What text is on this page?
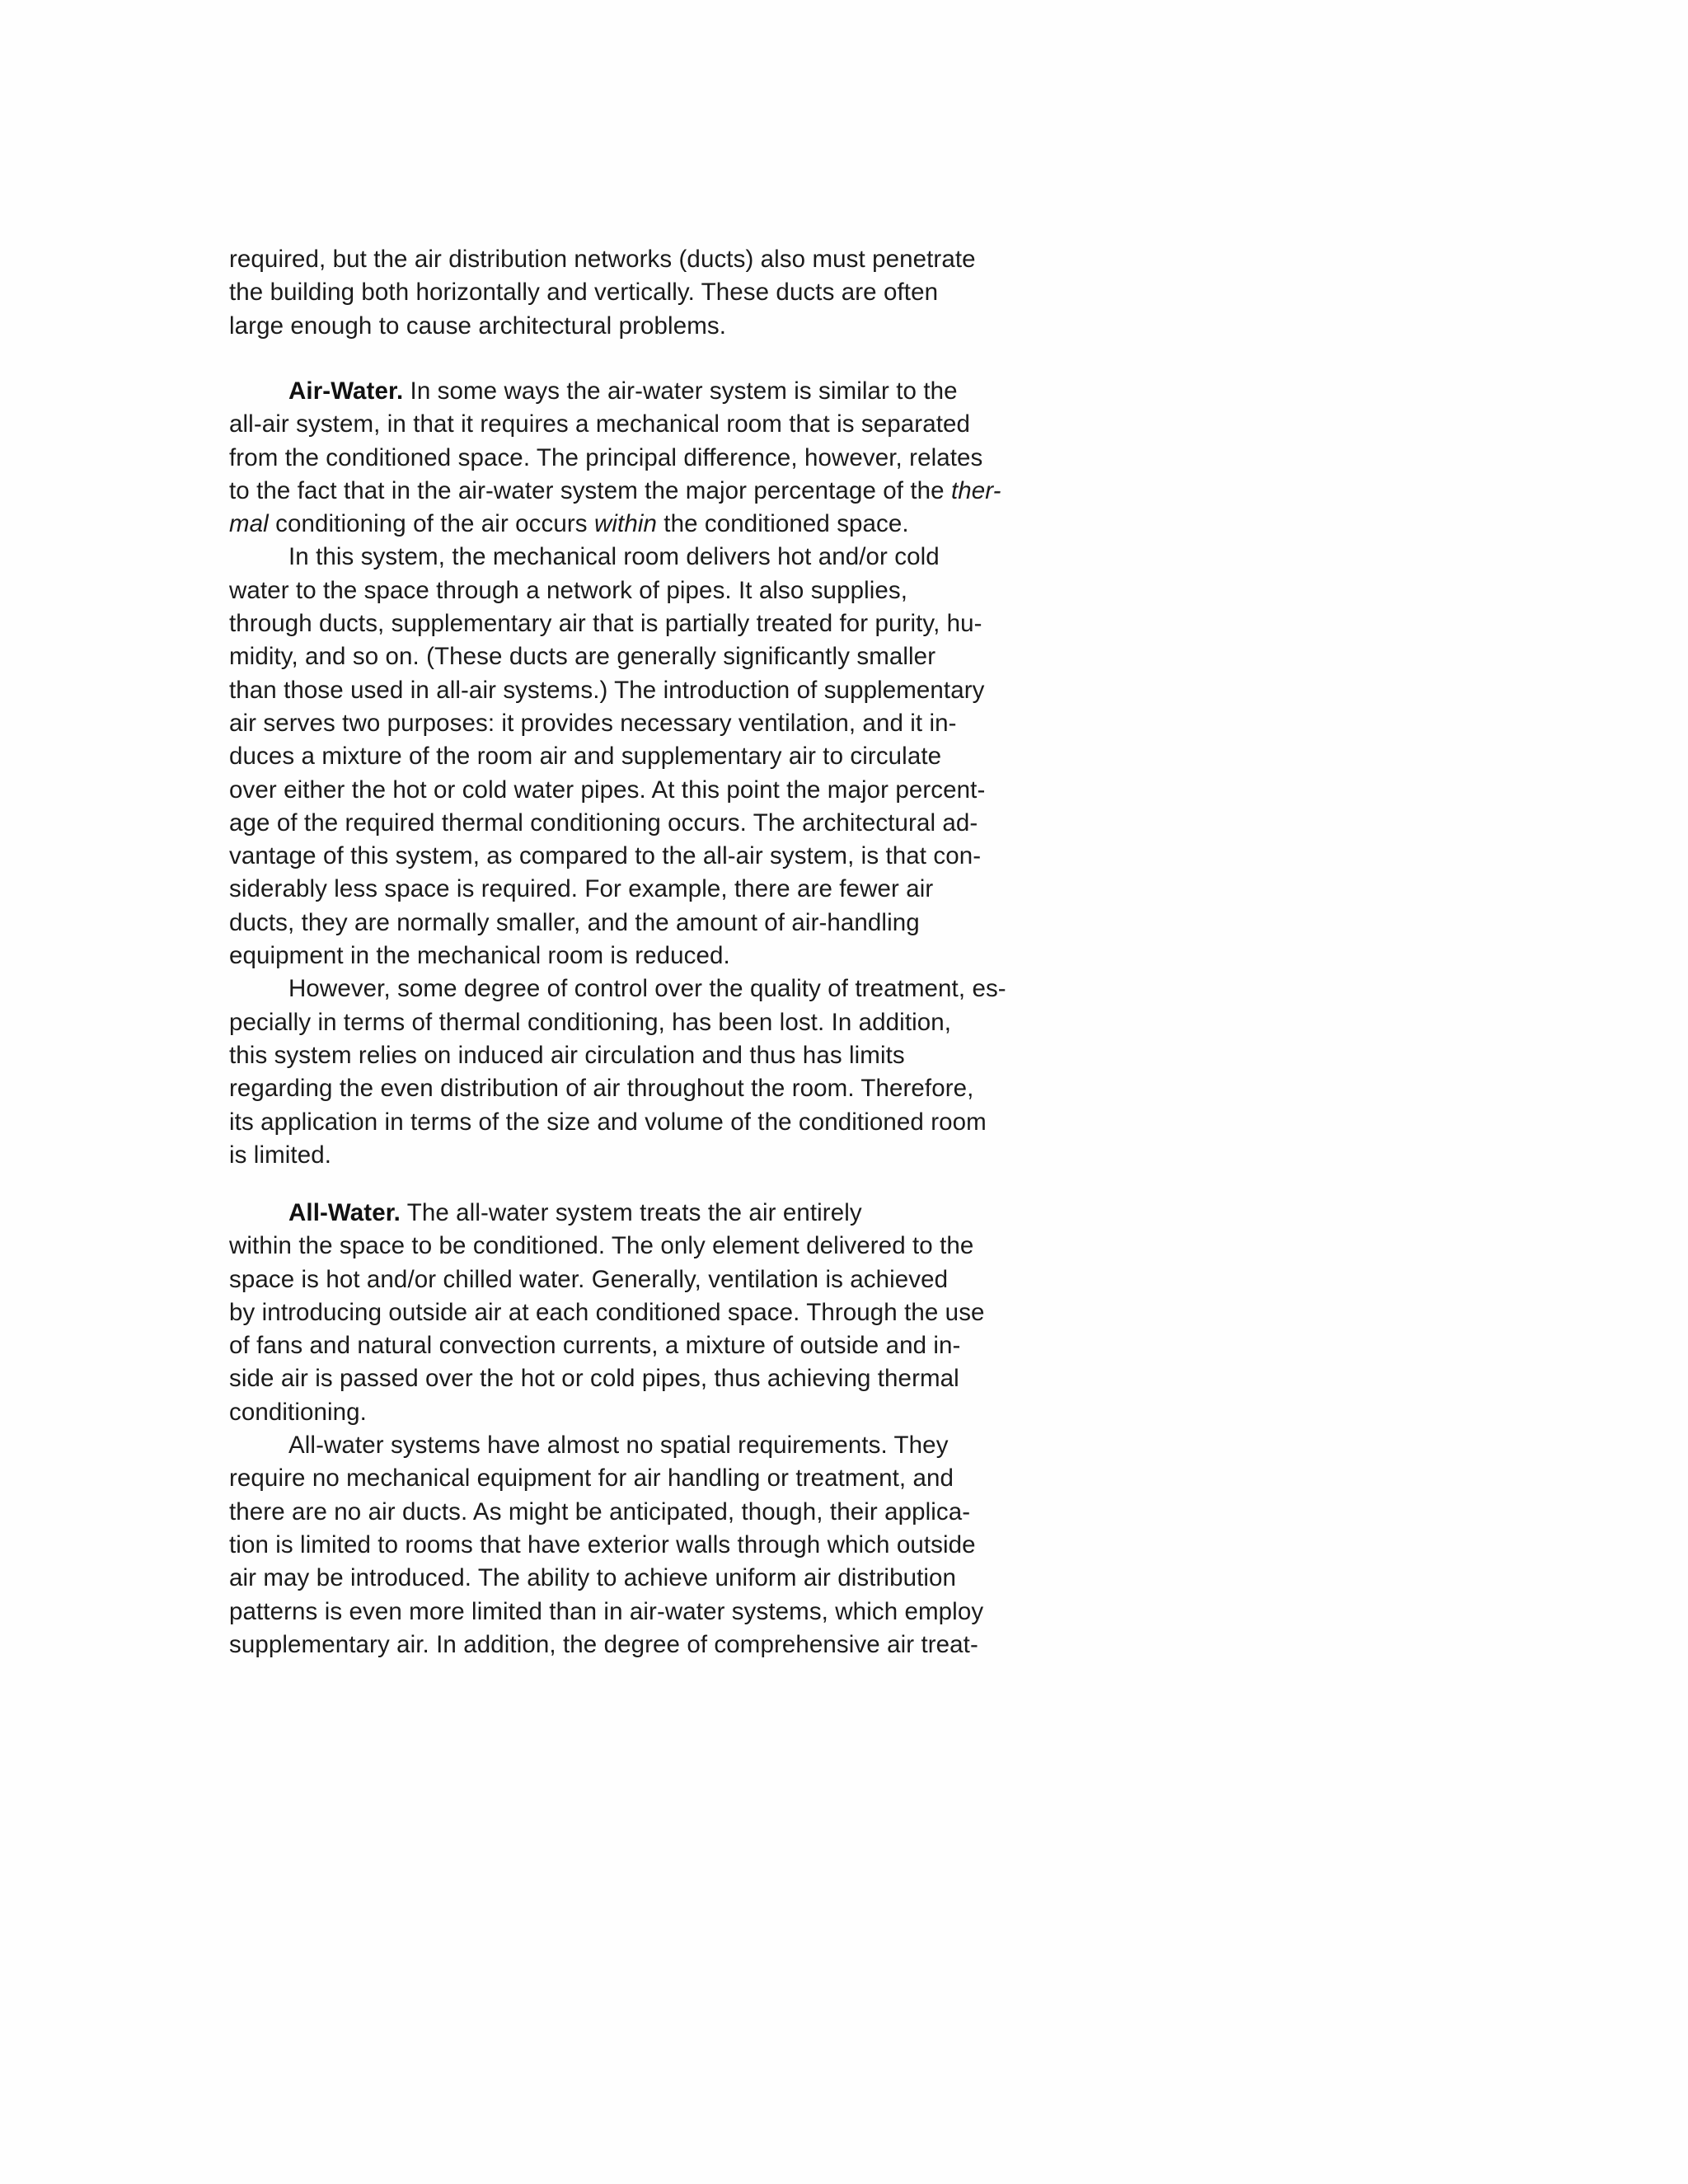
required, but the air distribution networks (ducts) also must penetrate
the building both horizontally and vertically. These ducts are often
large enough to cause architectural problems.
Air-Water. In some ways the air-water system is similar to the
all-air system, in that it requires a mechanical room that is separated
from the conditioned space. The principal difference, however, relates
to the fact that in the air-water system the major percentage of the ther-
mal conditioning of the air occurs within the conditioned space.
In this system, the mechanical room delivers hot and/or cold
water to the space through a network of pipes. It also supplies,
through ducts, supplementary air that is partially treated for purity, hu-
midity, and so on. (These ducts are generally significantly smaller
than those used in all-air systems.) The introduction of supplementary
air serves two purposes: it provides necessary ventilation, and it in-
duces a mixture of the room air and supplementary air to circulate
over either the hot or cold water pipes. At this point the major percent-
age of the required thermal conditioning occurs. The architectural ad-
vantage of this system, as compared to the all-air system, is that con-
siderably less space is required. For example, there are fewer air
ducts, they are normally smaller, and the amount of air-handling
equipment in the mechanical room is reduced.
However, some degree of control over the quality of treatment, es-
pecially in terms of thermal conditioning, has been lost. In addition,
this system relies on induced air circulation and thus has limits
regarding the even distribution of air throughout the room. Therefore,
its application in terms of the size and volume of the conditioned room
is limited.
All-Water. The all-water system treats the air entirely
within the space to be conditioned. The only element delivered to the
space is hot and/or chilled water. Generally, ventilation is achieved
by introducing outside air at each conditioned space. Through the use
of fans and natural convection currents, a mixture of outside and in-
side air is passed over the hot or cold pipes, thus achieving thermal
conditioning.
All-water systems have almost no spatial requirements. They
require no mechanical equipment for air handling or treatment, and
there are no air ducts. As might be anticipated, though, their applica-
tion is limited to rooms that have exterior walls through which outside
air may be introduced. The ability to achieve uniform air distribution
patterns is even more limited than in air-water systems, which employ
supplementary air. In addition, the degree of comprehensive air treat-
